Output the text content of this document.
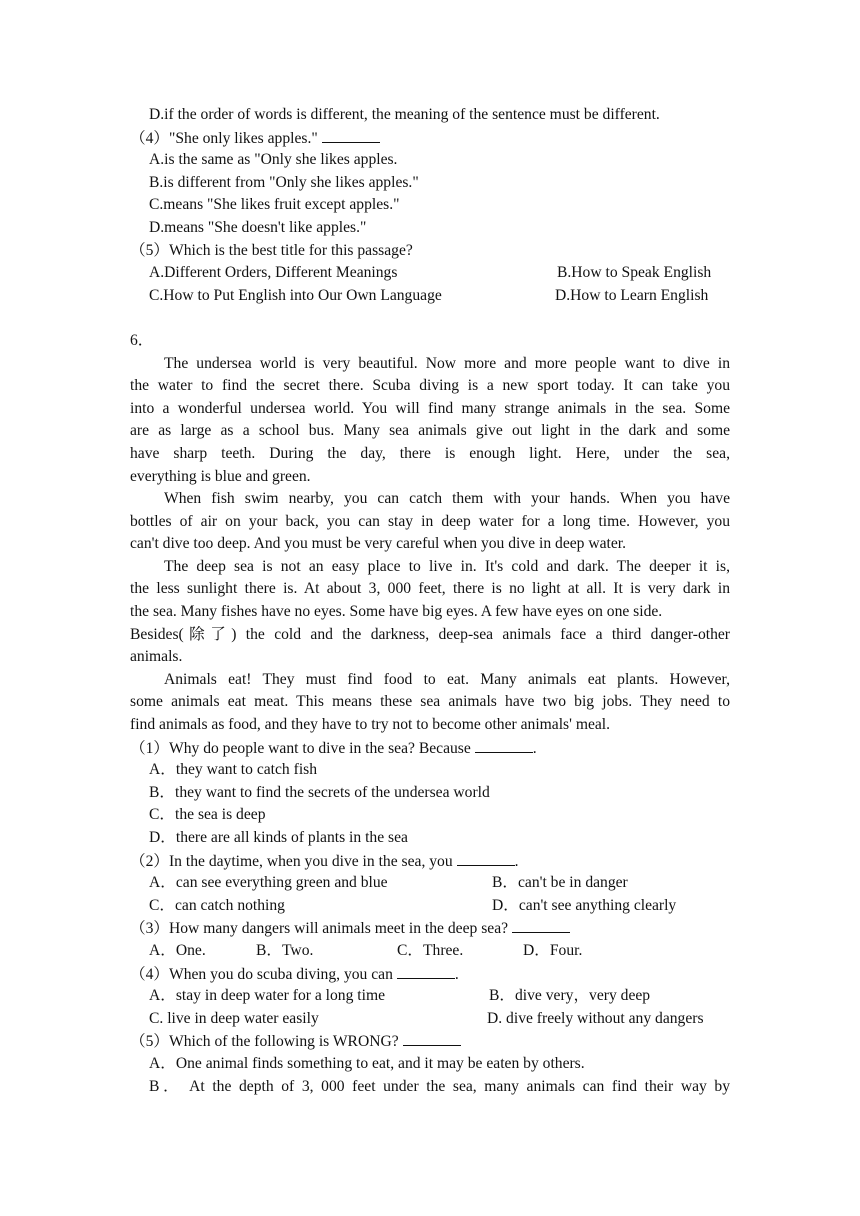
D.if the order of words is different, the meaning of the sentence must be different.
（4）"She only likes apples."
A.is the same as "Only she likes apples.
B.is different from "Only she likes apples."
C.means "She likes fruit except apples."
D.means "She doesn't like apples."
（5）Which is the best title for this passage?
A.Different Orders, Different Meanings	B.How to Speak English
C.How to Put English into Our Own Language	D.How to Learn English
6．
The undersea world is very beautiful. Now more and more people want to dive in
the water to find the secret there. Scuba diving is a new sport today. It can take you
into a wonderful undersea world. You will find many strange animals in the sea. Some
are as large as a school bus. Many sea animals give out light in the dark and some
have sharp teeth. During the day, there is enough light. Here, under the sea,
everything is blue and green.
When fish swim nearby, you can catch them with your hands. When you have
bottles of air on your back, you can stay in deep water for a long time. However, you
can't dive too deep. And you must be very careful when you dive in deep water.
The deep sea is not an easy place to live in. It's cold and dark. The deeper it is,
the less sunlight there is. At about 3, 000 feet, there is no light at all. It is very dark in
the sea. Many fishes have no eyes. Some have big eyes. A few have eyes on one side.
Besides(除了) the cold and the darkness, deep-sea animals face a third danger-other
animals.
Animals eat! They must find food to eat. Many animals eat plants. However,
some animals eat meat. This means these sea animals have two big jobs. They need to
find animals as food, and they have to try not to become other animals' meal.
（1）Why do people want to dive in the sea? Because	.
A．they want to catch fish
B．they want to find the secrets of the undersea world
C．the sea is deep
D．there are all kinds of plants in the sea
（2）In the daytime, when you dive in the sea, you	.
A．can see everything green and blue	B．can't be in danger
C．can catch nothing	D．can't see anything clearly
（3）How many dangers will animals meet in the deep sea?
A．One.	B．Two.	C．Three.	D．Four.
（4）When you do scuba diving, you can	.
A．stay in deep water for a long time	B．dive very，very deep
C. live in deep water easily	D. dive freely without any dangers
（5）Which of the following is WRONG?
A．One animal finds something to eat, and it may be eaten by others.
B． At the depth of 3, 000 feet under the sea, many animals can find their way by
